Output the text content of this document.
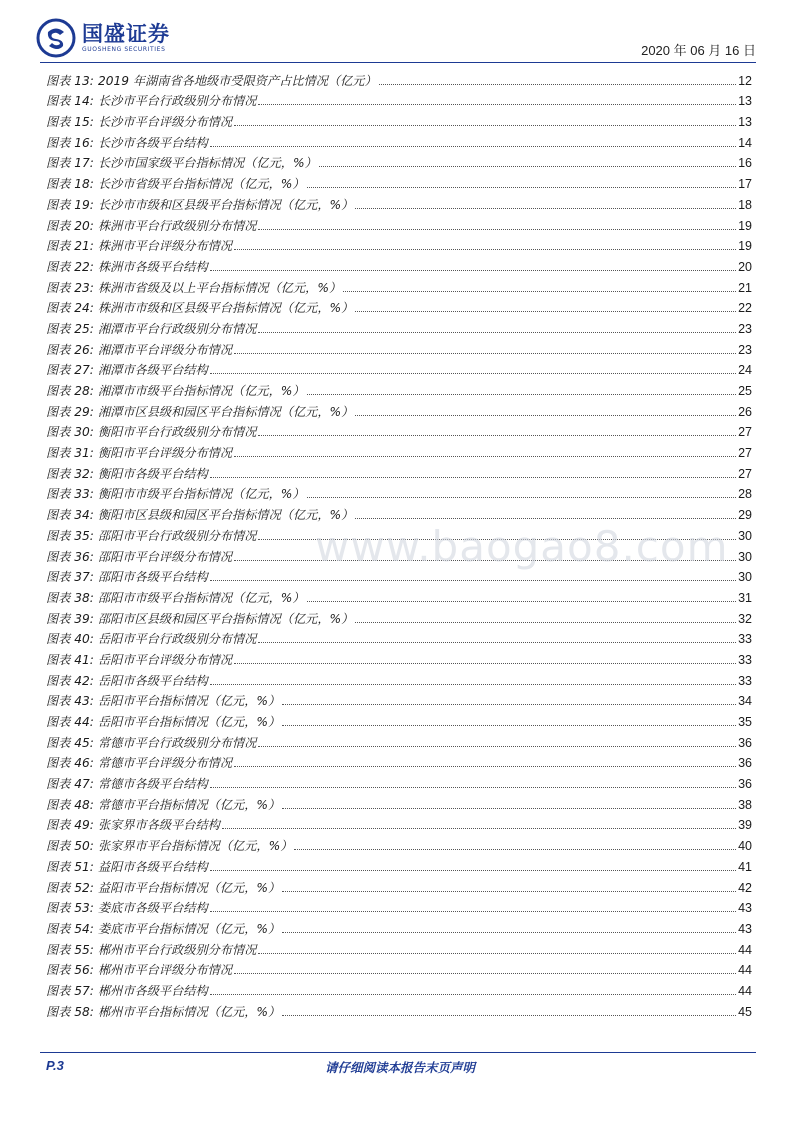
国盛证券
GUOSHENG SECURITIES	2020 年 06 月 16 日
图表 13: 2019 年湖南省各地级市受限资产占比情况（亿元）	12
图表 14: 长沙市平台行政级别分布情况	13
图表 15: 长沙市平台评级分布情况	13
图表 16: 长沙市各级平台结构	14
图表 17: 长沙市国家级平台指标情况（亿元，%）	16
图表 18: 长沙市省级平台指标情况（亿元，%）	17
图表 19: 长沙市市级和区县级平台指标情况（亿元，%）	18
图表 20: 株洲市平台行政级别分布情况	19
图表 21: 株洲市平台评级分布情况	19
图表 22: 株洲市各级平台结构	20
图表 23: 株洲市省级及以上平台指标情况（亿元，%）	21
图表 24: 株洲市市级和区县级平台指标情况（亿元，%）	22
图表 25: 湘潭市平台行政级别分布情况	23
图表 26: 湘潭市平台评级分布情况	23
图表 27: 湘潭市各级平台结构	24
图表 28: 湘潭市市级平台指标情况（亿元，%）	25
图表 29: 湘潭市区县级和园区平台指标情况（亿元，%）	26
图表 30: 衡阳市平台行政级别分布情况	27
图表 31: 衡阳市平台评级分布情况	27
图表 32: 衡阳市各级平台结构	27
图表 33: 衡阳市市级平台指标情况（亿元，%）	28
图表 34: 衡阳市区县级和园区平台指标情况（亿元，%）	29
图表 35: 邵阳市平台行政级别分布情况	30
图表 36: 邵阳市平台评级分布情况	30
图表 37: 邵阳市各级平台结构	30
图表 38: 邵阳市市级平台指标情况（亿元，%）	31
图表 39: 邵阳市区县级和园区平台指标情况（亿元，%）	32
图表 40: 岳阳市平台行政级别分布情况	33
图表 41: 岳阳市平台评级分布情况	33
图表 42: 岳阳市各级平台结构	33
图表 43: 岳阳市平台指标情况（亿元，%）	34
图表 44: 岳阳市平台指标情况（亿元，%）	35
图表 45: 常德市平台行政级别分布情况	36
图表 46: 常德市平台评级分布情况	36
图表 47: 常德市各级平台结构	36
图表 48: 常德市平台指标情况（亿元，%）	38
图表 49: 张家界市各级平台结构	39
图表 50: 张家界市平台指标情况（亿元，%）	40
图表 51: 益阳市各级平台结构	41
图表 52: 益阳市平台指标情况（亿元，%）	42
图表 53: 娄底市各级平台结构	43
图表 54: 娄底市平台指标情况（亿元，%）	43
图表 55: 郴州市平台行政级别分布情况	44
图表 56: 郴州市平台评级分布情况	44
图表 57: 郴州市各级平台结构	44
图表 58: 郴州市平台指标情况（亿元，%）	45
www.baogao8.com
P.3	请仔细阅读本报告末页声明
